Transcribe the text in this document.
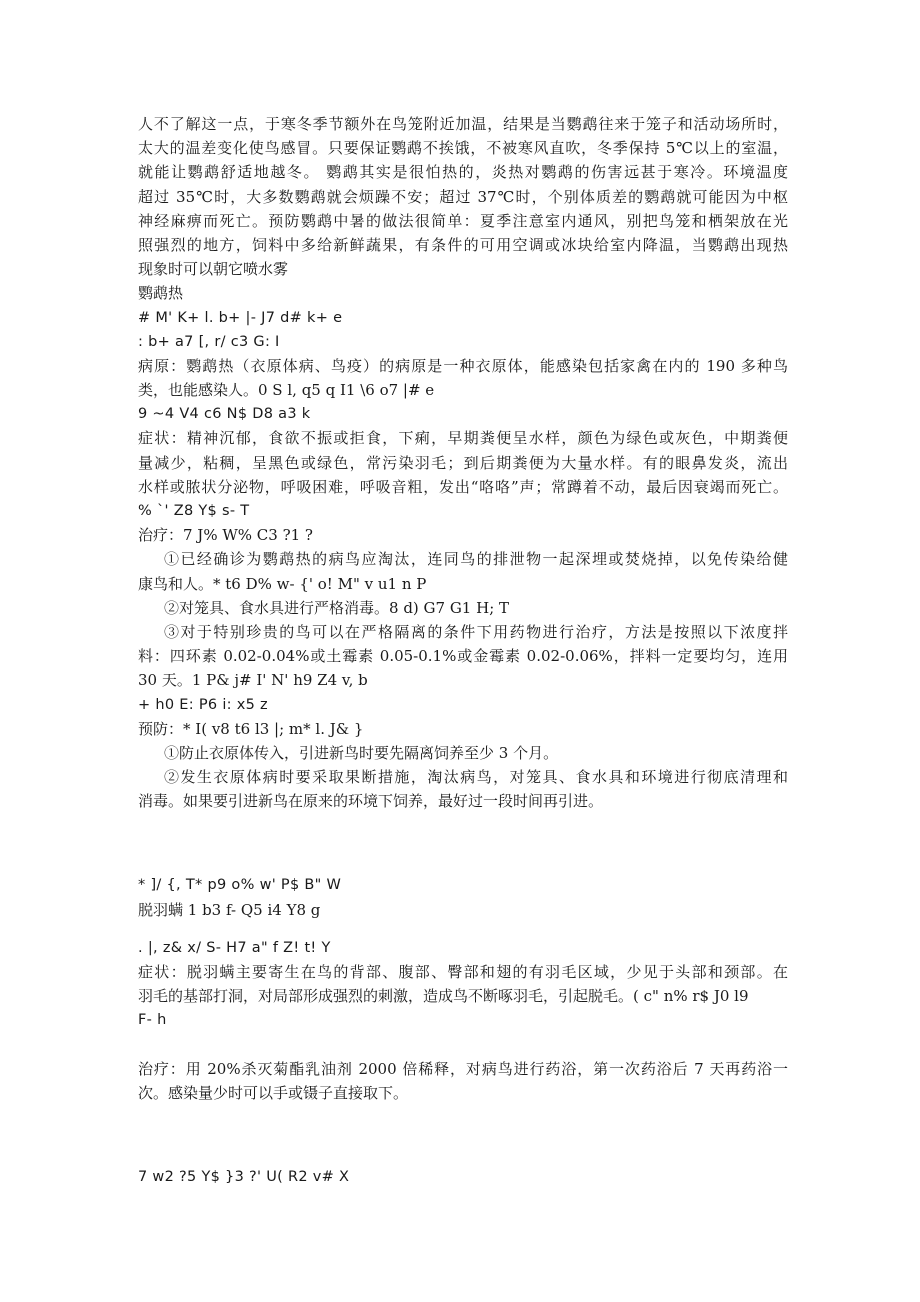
人不了解这一点，于寒冬季节额外在鸟笼附近加温，结果是当鹦鹉往来于笼子和活动场所时，
太大的温差变化使鸟感冒。只要保证鹦鹉不挨饿，不被寒风直吹，冬季保持 5℃以上的室温，
就能让鹦鹉舒适地越冬。 鹦鹉其实是很怕热的，炎热对鹦鹉的伤害远甚于寒冷。环境温度
超过 35℃时，大多数鹦鹉就会烦躁不安；超过 37℃时，个别体质差的鹦鹉就可能因为中枢
神经麻痹而死亡。预防鹦鹉中暑的做法很简单：夏季注意室内通风，别把鸟笼和栖架放在光
照强烈的地方，饲料中多给新鲜蔬果，有条件的可用空调或冰块给室内降温，当鹦鹉出现热
现象时可以朝它喷水雾
鹦鹉热
# M' K+ l. b+ |- J7 d# k+ e
: b+ a7 [, r/ c3 G: I
病原：鹦鹉热（衣原体病、鸟疫）的病原是一种衣原体，能感染包括家禽在内的 190 多种鸟
类，也能感染人。0 S l, q5 q I1 \6 o7 |# e
9 ~4 V4 c6 N$ D8 a3 k
症状：精神沉郁，食欲不振或拒食，下痢，早期粪便呈水样，颜色为绿色或灰色，中期粪便
量减少，粘稠，呈黑色或绿色，常污染羽毛；到后期粪便为大量水样。有的眼鼻发炎，流出
水样或脓状分泌物，呼吸困难，呼吸音粗，发出“咯咯”声；常蹲着不动，最后因衰竭而死亡。
% `' Z8 Y$ s- T
治疗：7 J% W% C3 ?1 ?
①已经确诊为鹦鹉热的病鸟应淘汰，连同鸟的排泄物一起深埋或焚烧掉，以免传染给健
康鸟和人。* t6 D% w- {' o! M" v u1 n P
②对笼具、食水具进行严格消毒。8 d) G7 G1 H; T
③对于特别珍贵的鸟可以在严格隔离的条件下用药物进行治疗，方法是按照以下浓度拌
料：四环素 0.02-0.04%或土霉素 0.05-0.1%或金霉素 0.02-0.06%，拌料一定要均匀，连用
30 天。1 P& j# I' N' h9 Z4 v, b
+ h0 E: P6 i: x5 z
预防：* I( v8 t6 l3 |; m* l. J& }
①防止衣原体传入，引进新鸟时要先隔离饲养至少 3 个月。
②发生衣原体病时要采取果断措施，淘汰病鸟，对笼具、食水具和环境进行彻底清理和
消毒。如果要引进新鸟在原来的环境下饲养，最好过一段时间再引进。
* ]/ {, T* p9 o% w' P$ B" W
脱羽螨 1 b3 f- Q5 i4 Y8 g
. |, z& x/ S- H7 a" f Z! t! Y
症状：脱羽螨主要寄生在鸟的背部、腹部、臀部和翅的有羽毛区域，少见于头部和颈部。在
羽毛的基部打洞，对局部形成强烈的刺激，造成鸟不断啄羽毛，引起脱毛。( c" n% r$ J0 l9
F- h
治疗：用 20%杀灭菊酯乳油剂 2000 倍稀释，对病鸟进行药浴，第一次药浴后 7 天再药浴一
次。感染量少时可以手或镊子直接取下。
7 w2 ?5 Y$ }3 ?' U( R2 v# X
